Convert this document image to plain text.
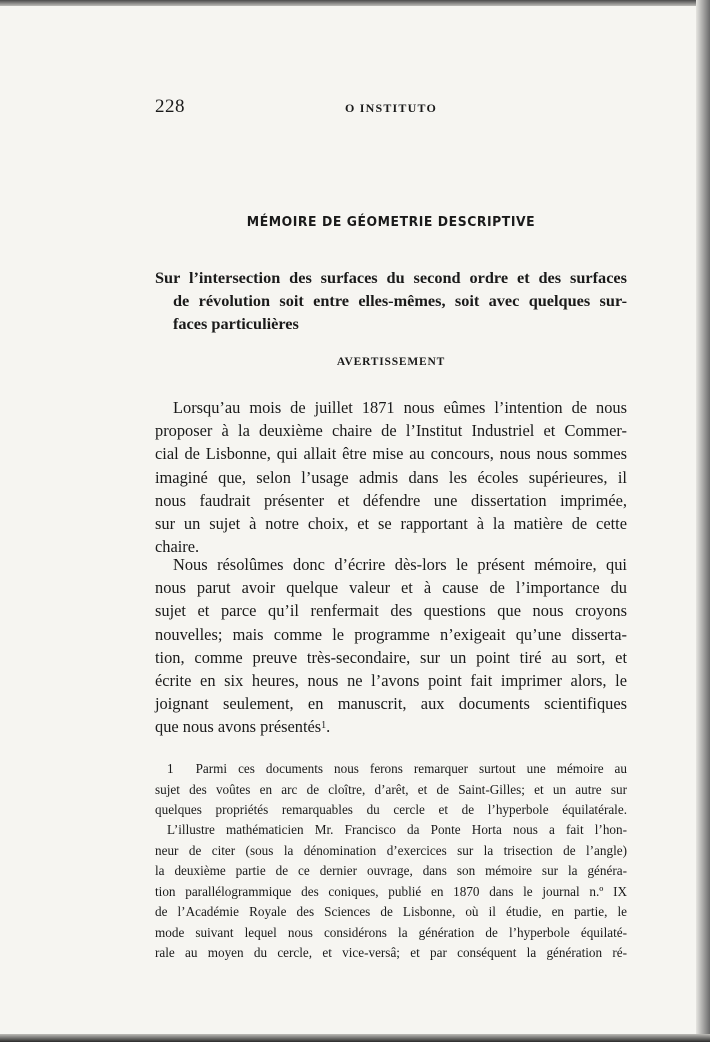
228	O INSTITUTO
MÉMOIRE DE GÉOMETRIE DESCRIPTIVE
Sur l’intersection des surfaces du second ordre et des surfaces
de révolution soit entre elles-mêmes, soit avec quelques sur-
faces particulières
AVERTISSEMENT
Lorsqu’au mois de juillet 1871 nous eûmes l’intention de nous
proposer à la deuxième chaire de l’Institut Industriel et Commer-
cial de Lisbonne, qui allait être mise au concours, nous nous sommes
imaginé que, selon l’usage admis dans les écoles supérieures, il
nous faudrait présenter et défendre une dissertation imprimée,
sur un sujet à notre choix, et se rapportant à la matière de cette
chaire.
Nous résolûmes donc d’écrire dès-lors le présent mémoire, qui
nous parut avoir quelque valeur et à cause de l’importance du
sujet et parce qu’il renfermait des questions que nous croyons
nouvelles; mais comme le programme n’exigeait qu’une disserta-
tion, comme preuve très-secondaire, sur un point tiré au sort, et
écrite en six heures, nous ne l’avons point fait imprimer alors, le
joignant seulement, en manuscrit, aux documents scientifiques
que nous avons présentés$^1$.
1 Parmi ces documents nous ferons remarquer surtout une mémoire au
sujet des voûtes en arc de cloître, d’arêt, et de Saint-Gilles; et un autre sur
quelques propriétés remarquables du cercle et de l’hyperbole équilatérale.
L’illustre mathématicien Mr. Francisco da Ponte Horta nous a fait l’hon-
neur de citer (sous la dénomination d’exercices sur la trisection de l’angle)
la deuxième partie de ce dernier ouvrage, dans son mémoire sur la généra-
tion parallélogrammique des coniques, publié en 1870 dans le journal n.º IX
de l’Académie Royale des Sciences de Lisbonne, où il étudie, en partie, le
mode suivant lequel nous considérons la génération de l’hyperbole équilaté-
rale au moyen du cercle, et vice-versâ; et par conséquent la génération ré-
